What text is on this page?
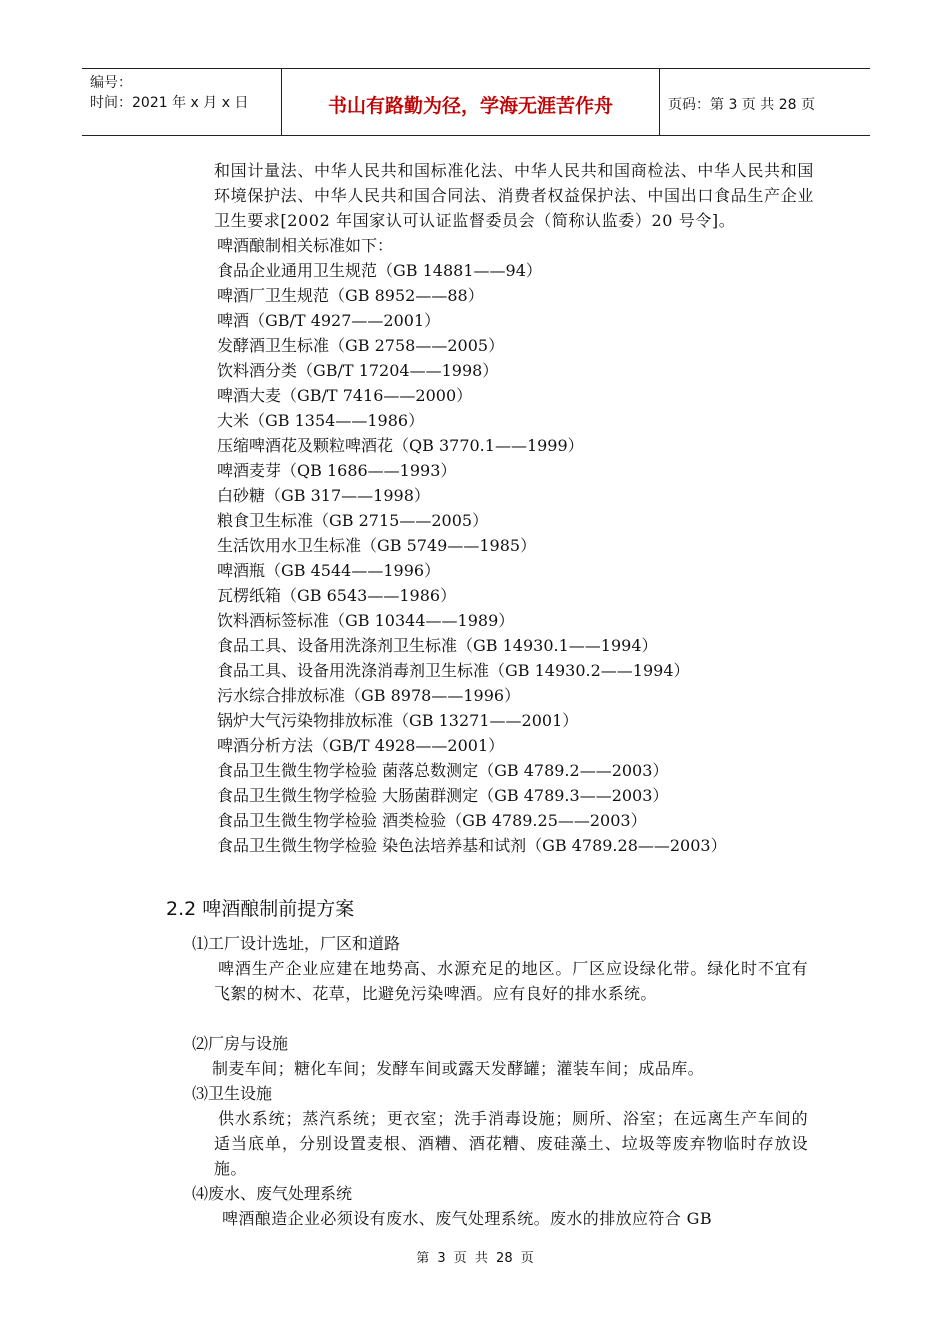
编号：
时间：2021 年 x 月 x 日	书山有路勤为径，学海无涯苦作舟	页码：第 3 页 共 28 页
和国计量法、中华人民共和国标准化法、中华人民共和国商检法、中华人民共和国环境保护法、中华人民共和国合同法、消费者权益保护法、中国出口食品生产企业卫生要求[2002 年国家认可认证监督委员会（简称认监委）20 号令]。
啤酒酿制相关标准如下：
食品企业通用卫生规范（GB 14881——94）
啤酒厂卫生规范（GB 8952——88）
啤酒（GB/T 4927——2001）
发酵酒卫生标准（GB 2758——2005）
饮料酒分类（GB/T 17204——1998）
啤酒大麦（GB/T 7416——2000）
大米（GB 1354——1986）
压缩啤酒花及颗粒啤酒花（QB 3770.1——1999）
啤酒麦芽（QB 1686——1993）
白砂糖（GB 317——1998）
粮食卫生标准（GB 2715——2005）
生活饮用水卫生标准（GB 5749——1985）
啤酒瓶（GB 4544——1996）
瓦楞纸箱（GB 6543——1986）
饮料酒标签标准（GB 10344——1989）
食品工具、设备用洗涤剂卫生标准（GB 14930.1——1994）
食品工具、设备用洗涤消毒剂卫生标准（GB 14930.2——1994）
污水综合排放标准（GB 8978——1996）
锅炉大气污染物排放标准（GB 13271——2001）
啤酒分析方法（GB/T 4928——2001）
食品卫生微生物学检验 菌落总数测定（GB 4789.2——2003）
食品卫生微生物学检验 大肠菌群测定（GB 4789.3——2003）
食品卫生微生物学检验 酒类检验（GB 4789.25——2003）
食品卫生微生物学检验 染色法培养基和试剂（GB 4789.28——2003）
2.2 啤酒酿制前提方案
⑴工厂设计选址，厂区和道路
啤酒生产企业应建在地势高、水源充足的地区。厂区应设绿化带。绿化时不宜有飞絮的树木、花草，比避免污染啤酒。应有良好的排水系统。
⑵厂房与设施
制麦车间；糖化车间；发酵车间或露天发酵罐；灌装车间；成品库。
⑶卫生设施
供水系统；蒸汽系统；更衣室；洗手消毒设施；厕所、浴室；在远离生产车间的适当底单，分别设置麦根、酒糟、酒花糟、废硅藻土、垃圾等废弃物临时存放设施。
⑷废水、废气处理系统
啤酒酿造企业必须设有废水、废气处理系统。废水的排放应符合 GB
第 3 页 共 28 页
